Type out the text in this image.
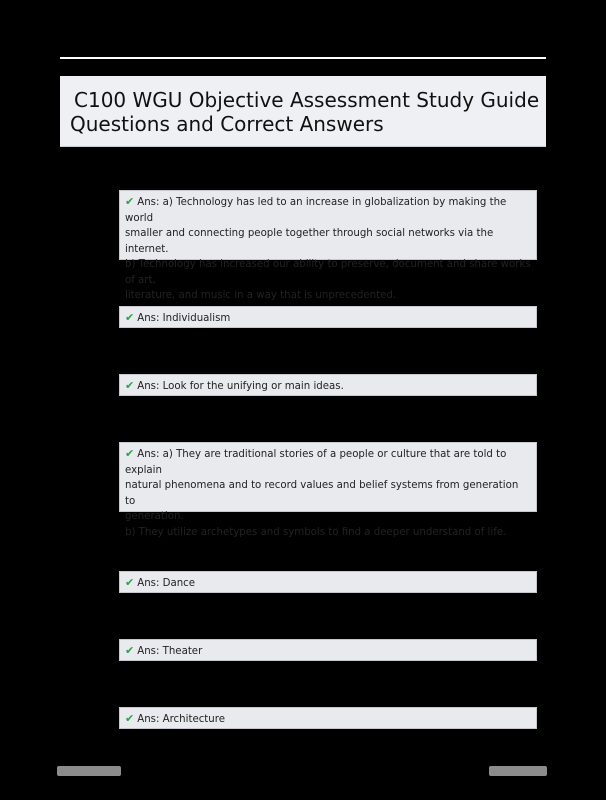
C100 WGU Objective Assessment Study Guide
Questions and Correct Answers
✔ Ans: a) Technology has led to an increase in globalization by making the world
smaller and connecting people together through social networks via the internet.
b) Technology has increased our ability to preserve, document and share works of art,
literature, and music in a way that is unprecedented.
✔ Ans: Individualism
✔ Ans: Look for the unifying or main ideas.
✔ Ans: a) They are traditional stories of a people or culture that are told to explain
natural phenomena and to record values and belief systems from generation to
generation.
b) They utilize archetypes and symbols to find a deeper understand of life.
✔ Ans: Dance
✔ Ans: Theater
✔ Ans: Architecture
